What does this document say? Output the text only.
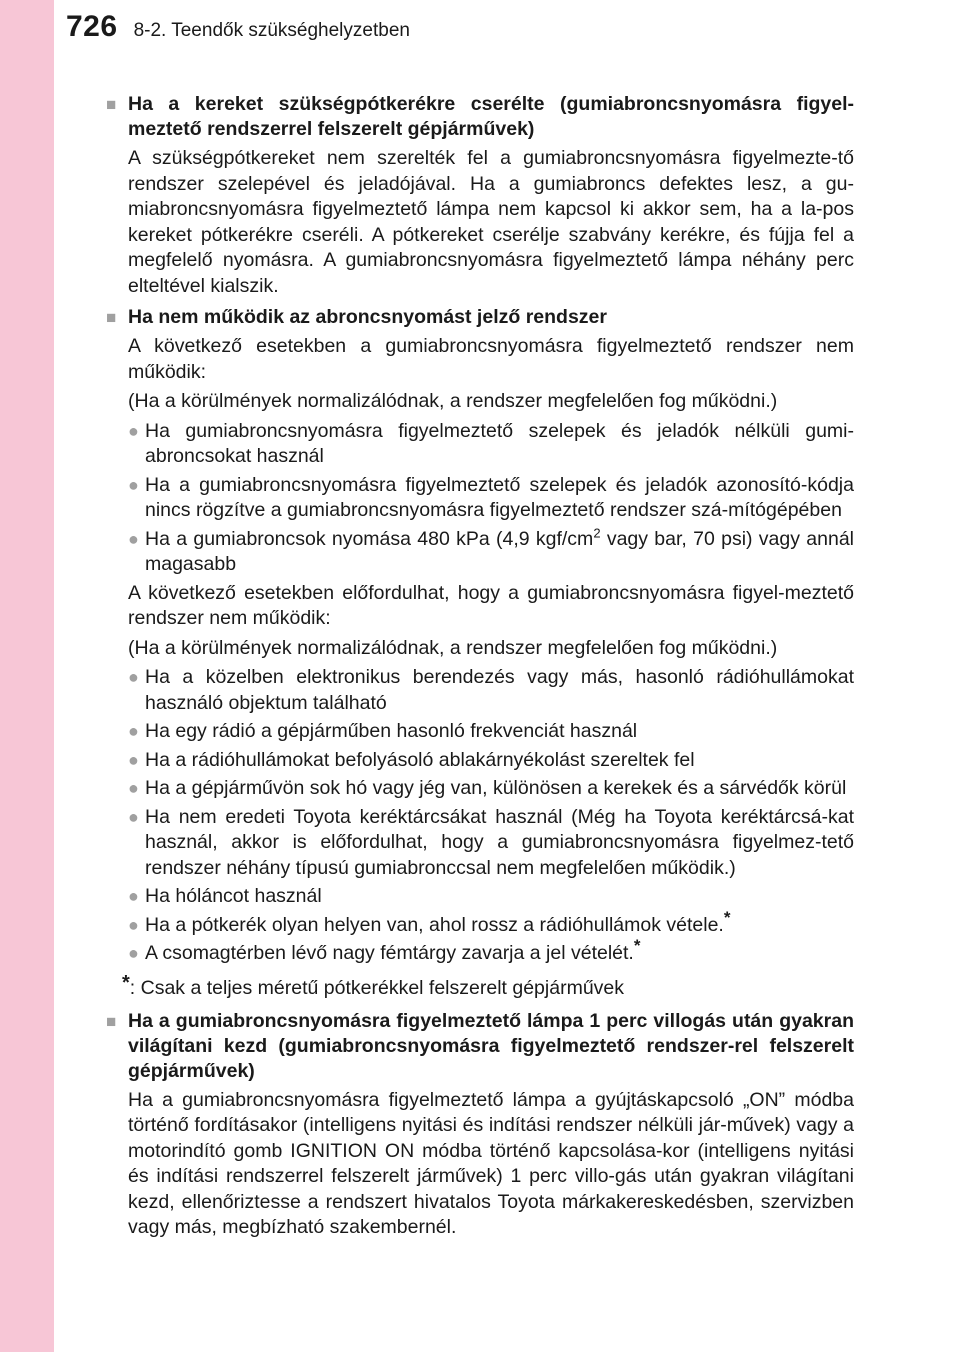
726 8-2. Teendők szükséghelyzetben
■ Ha a kereket szükségpótkerékre cserélte (gumiabroncsnyomásra figyel-meztető rendszerrel felszerelt gépjárművek)
A szükségpótkereket nem szerelték fel a gumiabroncsnyomásra figyelmezte-tő rendszer szelepével és jeladójával. Ha a gumiabroncs defektes lesz, a gu-miabroncsnyomásra figyelmeztető lámpa nem kapcsol ki akkor sem, ha a la-pos kereket pótkerékre cseréli. A pótkereket cserélje szabvány kerékre, és fújja fel a megfelelő nyomásra. A gumiabroncsnyomásra figyelmeztető lámpa néhány perc elteltével kialszik.
■ Ha nem működik az abroncsnyomást jelző rendszer
A következő esetekben a gumiabroncsnyomásra figyelmeztető rendszer nem működik:
(Ha a körülmények normalizálódnak, a rendszer megfelelően fog működni.)
● Ha gumiabroncsnyomásra figyelmeztető szelepek és jeladók nélküli gumi-abroncsokat használ
● Ha a gumiabroncsnyomásra figyelmeztető szelepek és jeladók azonosító-kódja nincs rögzítve a gumiabroncsnyomásra figyelmeztető rendszer szá-mítógépében
● Ha a gumiabroncsok nyomása 480 kPa (4,9 kgf/$cm^2$ vagy bar, 70 psi) vagy annál magasabb
A következő esetekben előfordulhat, hogy a gumiabroncsnyomásra figyel-meztető rendszer nem működik:
(Ha a körülmények normalizálódnak, a rendszer megfelelően fog működni.)
● Ha a közelben elektronikus berendezés vagy más, hasonló rádióhullámokat használó objektum található
● Ha egy rádió a gépjárműben hasonló frekvenciát használ
● Ha a rádióhullámokat befolyásoló ablakárnyékolást szereltek fel
● Ha a gépjárművön sok hó vagy jég van, különösen a kerekek és a sárvédők körül
● Ha nem eredeti Toyota keréktárcsákat használ (Még ha Toyota keréktárcsá-kat használ, akkor is előfordulhat, hogy a gumiabroncsnyomásra figyelmez-tető rendszer néhány típusú gumiabronccsal nem megfelelően működik.)
● Ha hóláncot használ
● Ha a pótkerék olyan helyen van, ahol rossz a rádióhullámok vétele.*
● A csomagtérben lévő nagy fémtárgy zavarja a jel vételét.*
*: Csak a teljes méretű pótkerékkel felszerelt gépjárművek
■ Ha a gumiabroncsnyomásra figyelmeztető lámpa 1 perc villogás után gyakran világítani kezd (gumiabroncsnyomásra figyelmeztető rendszer-rel felszerelt gépjárművek)
Ha a gumiabroncsnyomásra figyelmeztető lámpa a gyújtáskapcsoló „ON” módba történő fordításakor (intelligens nyitási és indítási rendszer nélküli jár-művek) vagy a motorindító gomb IGNITION ON módba történő kapcsolása-kor (intelligens nyitási és indítási rendszerrel felszerelt járművek) 1 perc villo-gás után gyakran világítani kezd, ellenőriztesse a rendszert hivatalos Toyota márkakereskedésben, szervizben vagy más, megbízható szakembernél.
